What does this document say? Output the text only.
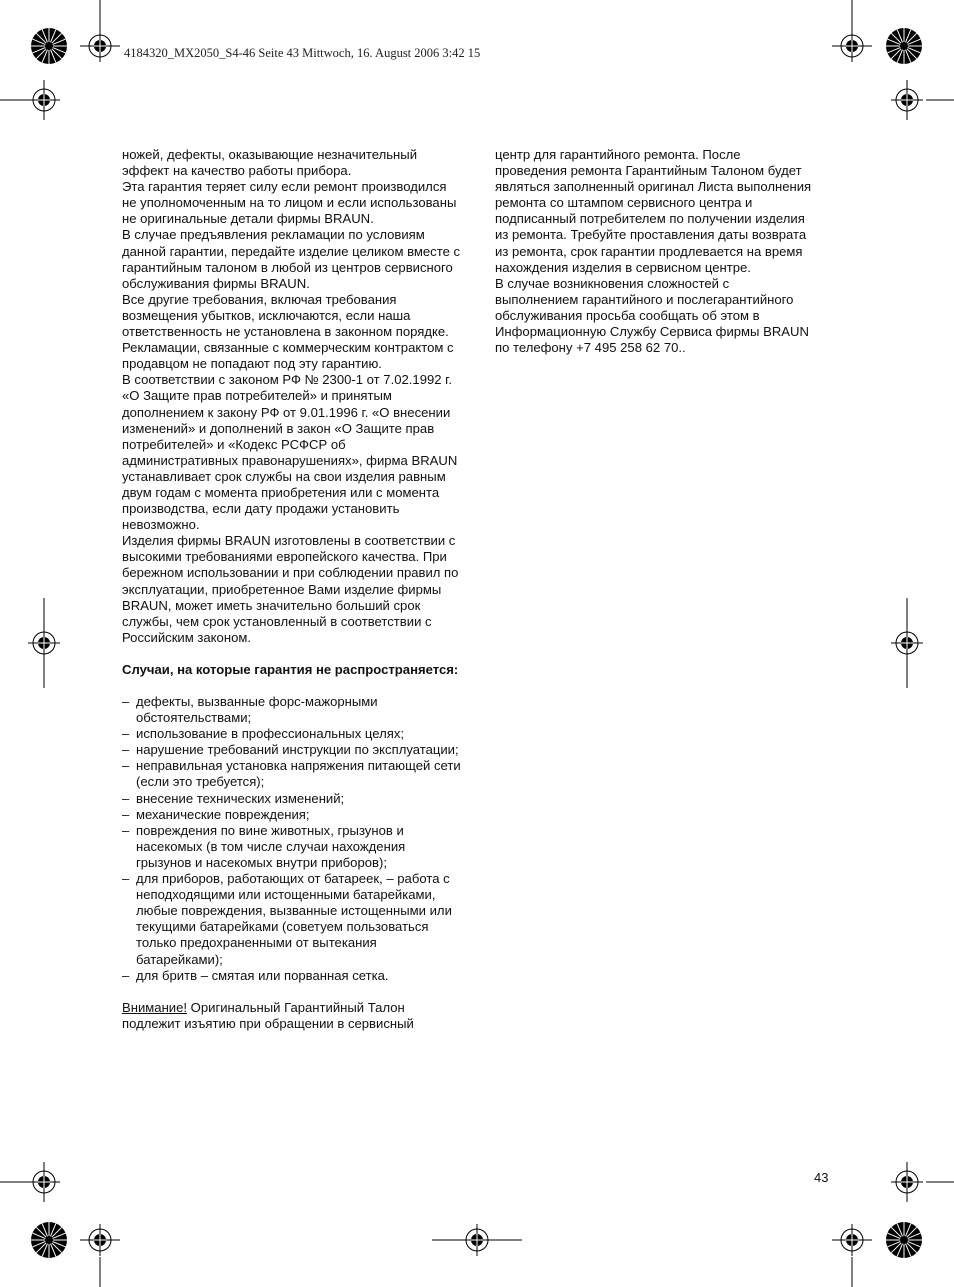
4184320_MX2050_S4-46 Seite 43 Mittwoch, 16. August 2006 3:42 15

ножей, дефекты, оказывающие незначительный эффект на качество работы прибора.

Эта гарантия теряет силу если ремонт производился не уполномоченным на то лицом и если использованы не оригинальные детали фирмы BRAUN.

В случае предъявления рекламации по условиям данной гарантии, передайте изделие целиком вместе с гарантийным талоном в любой из центров сервисного обслуживания фирмы BRAUN.

Все другие требования, включая требования возмещения убытков, исключаются, если наша ответственность не установлена в законном порядке.

Рекламации, связанные с коммерческим контрактом с продавцом не попадают под эту гарантию.

В соответствии с законом РФ № 2300-1 от 7.02.1992 г. «О Защите прав потребителей» и принятым дополнением к закону РФ от 9.01.1996 г. «О внесении изменений» и дополнений в закон «О Защите прав потребителей» и «Кодекс РСФСР об административных правонарушениях», фирма BRAUN устанавливает срок службы на свои изделия равным двум годам с момента приобретения или с момента производства, если дату продажи установить невозможно.

Изделия фирмы BRAUN изготовлены в соответствии с высокими требованиями европейского качества. При бережном использовании и при соблюдении правил по эксплуатации, приобретенное Вами изделие фирмы BRAUN, может иметь значительно больший срок службы, чем срок установленный в соответствии с Российским законом.

Случаи, на которые гарантия не распространяется:

– дефекты, вызванные форс-мажорными обстоятельствами;
– использование в профессиональных целях;
– нарушение требований инструкции по эксплуатации;
– неправильная установка напряжения питающей сети (если это требуется);
– внесение технических изменений;
– механические повреждения;
– повреждения по вине животных, грызунов и насекомых (в том числе случаи нахождения грызунов и насекомых внутри приборов);
– для приборов, работающих от батареек, – работа с неподходящими или истощенными батарейками, любые повреждения, вызванные истощенными или текущими батарейками (советуем пользоваться только предохраненными от вытекания батарейками);
– для бритв – смятая или порванная сетка.

Внимание! Оригинальный Гарантийный Талон подлежит изъятию при обращении в сервисный

центр для гарантийного ремонта. После проведения ремонта Гарантийным Талоном будет являться заполненный оригинал Листа выполнения ремонта со штампом сервисного центра и подписанный потребителем по получении изделия из ремонта. Требуйте проставления даты возврата из ремонта, срок гарантии продлевается на время нахождения изделия в сервисном центре.

В случае возникновения сложностей с выполнением гарантийного и послегарантийного обслуживания просьба сообщать об этом в Информационную Службу Сервиса фирмы BRAUN по телефону +7 495 258 62 70..

43
